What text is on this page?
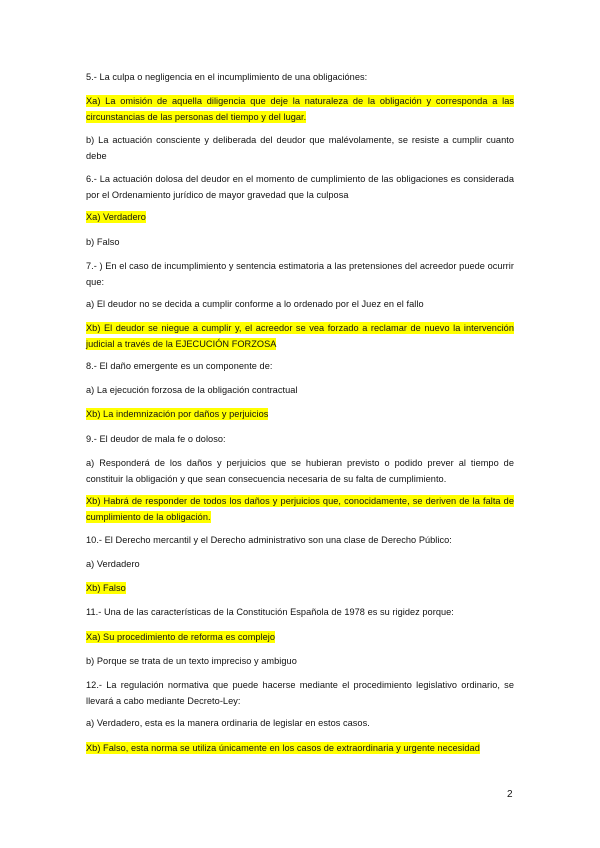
5.- La culpa o negligencia en el incumplimiento de una obligaciónes:

Xa) La omisión de aquella diligencia que deje la naturaleza de la obligación y corresponda a las circunstancias de las personas del tiempo y del lugar.

b) La actuación consciente y deliberada del deudor que malévolamente, se resiste a cumplir cuanto debe

6.- La actuación dolosa del deudor en el momento de cumplimiento de las obligaciones es considerada por el Ordenamiento jurídico de mayor gravedad que la culposa

Xa) Verdadero

b) Falso

7.- ) En el caso de incumplimiento y sentencia estimatoria a las pretensiones del acreedor puede ocurrir que:

a) El deudor no se decida a cumplir conforme a lo ordenado por el Juez en el fallo

Xb) El deudor se niegue a cumplir y, el acreedor se vea forzado a reclamar de nuevo la intervención judicial a través de la EJECUCIÓN FORZOSA

8.- El daño emergente es un componente de:

a) La ejecución forzosa de la obligación contractual

Xb) La indemnización por daños y perjuicios

9.- El deudor de mala fe o doloso:

a) Responderá de los daños y perjuicios que se hubieran previsto o podido prever al tiempo de constituir la obligación y que sean consecuencia necesaria de su falta de cumplimiento.

Xb) Habrá de responder de todos los daños y perjuicios que, conocidamente, se deriven de la falta de cumplimiento de la obligación.

10.- El Derecho mercantil y el Derecho administrativo son una clase de Derecho Público:

a) Verdadero

Xb) Falso

11.- Una de las características de la Constitución Española de 1978 es su rigidez porque:

Xa) Su procedimiento de reforma es complejo

b) Porque se trata de un texto impreciso y ambiguo

12.- La regulación normativa que puede hacerse mediante el procedimiento legislativo ordinario, se llevará a cabo mediante Decreto-Ley:

a) Verdadero, esta es la manera ordinaria de legislar en estos casos.

Xb) Falso, esta norma se utiliza únicamente en los casos de extraordinaria y urgente necesidad

2
